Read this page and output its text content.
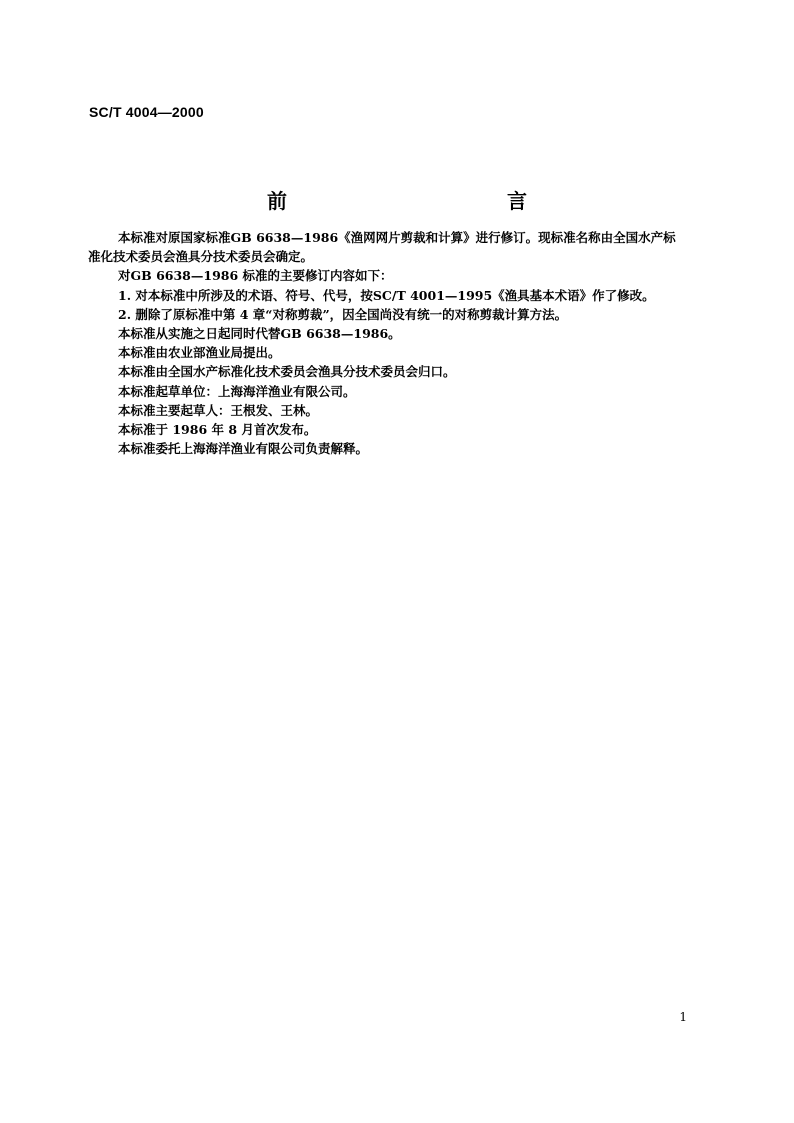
SC/T 4004—2000
前　　言

本标准对原国家标准GB 6638—1986《渔网网片剪裁和计算》进行修订。现标准名称由全国水产标

准化技术委员会渔具分技术委员会确定。

对GB 6638—1986 标准的主要修订内容如下：

1. 对本标准中所涉及的术语、符号、代号，按SC/T 4001—1995《渔具基本术语》作了修改。

2. 删除了原标准中第 4 章“对称剪裁”，因全国尚没有统一的对称剪裁计算方法。

本标准从实施之日起同时代替GB 6638—1986。

本标准由农业部渔业局提出。

本标准由全国水产标准化技术委员会渔具分技术委员会归口。

本标准起草单位：上海海洋渔业有限公司。

本标准主要起草人：王根发、王林。

本标准于 1986 年 8 月首次发布。

本标准委托上海海洋渔业有限公司负责解释。

1
